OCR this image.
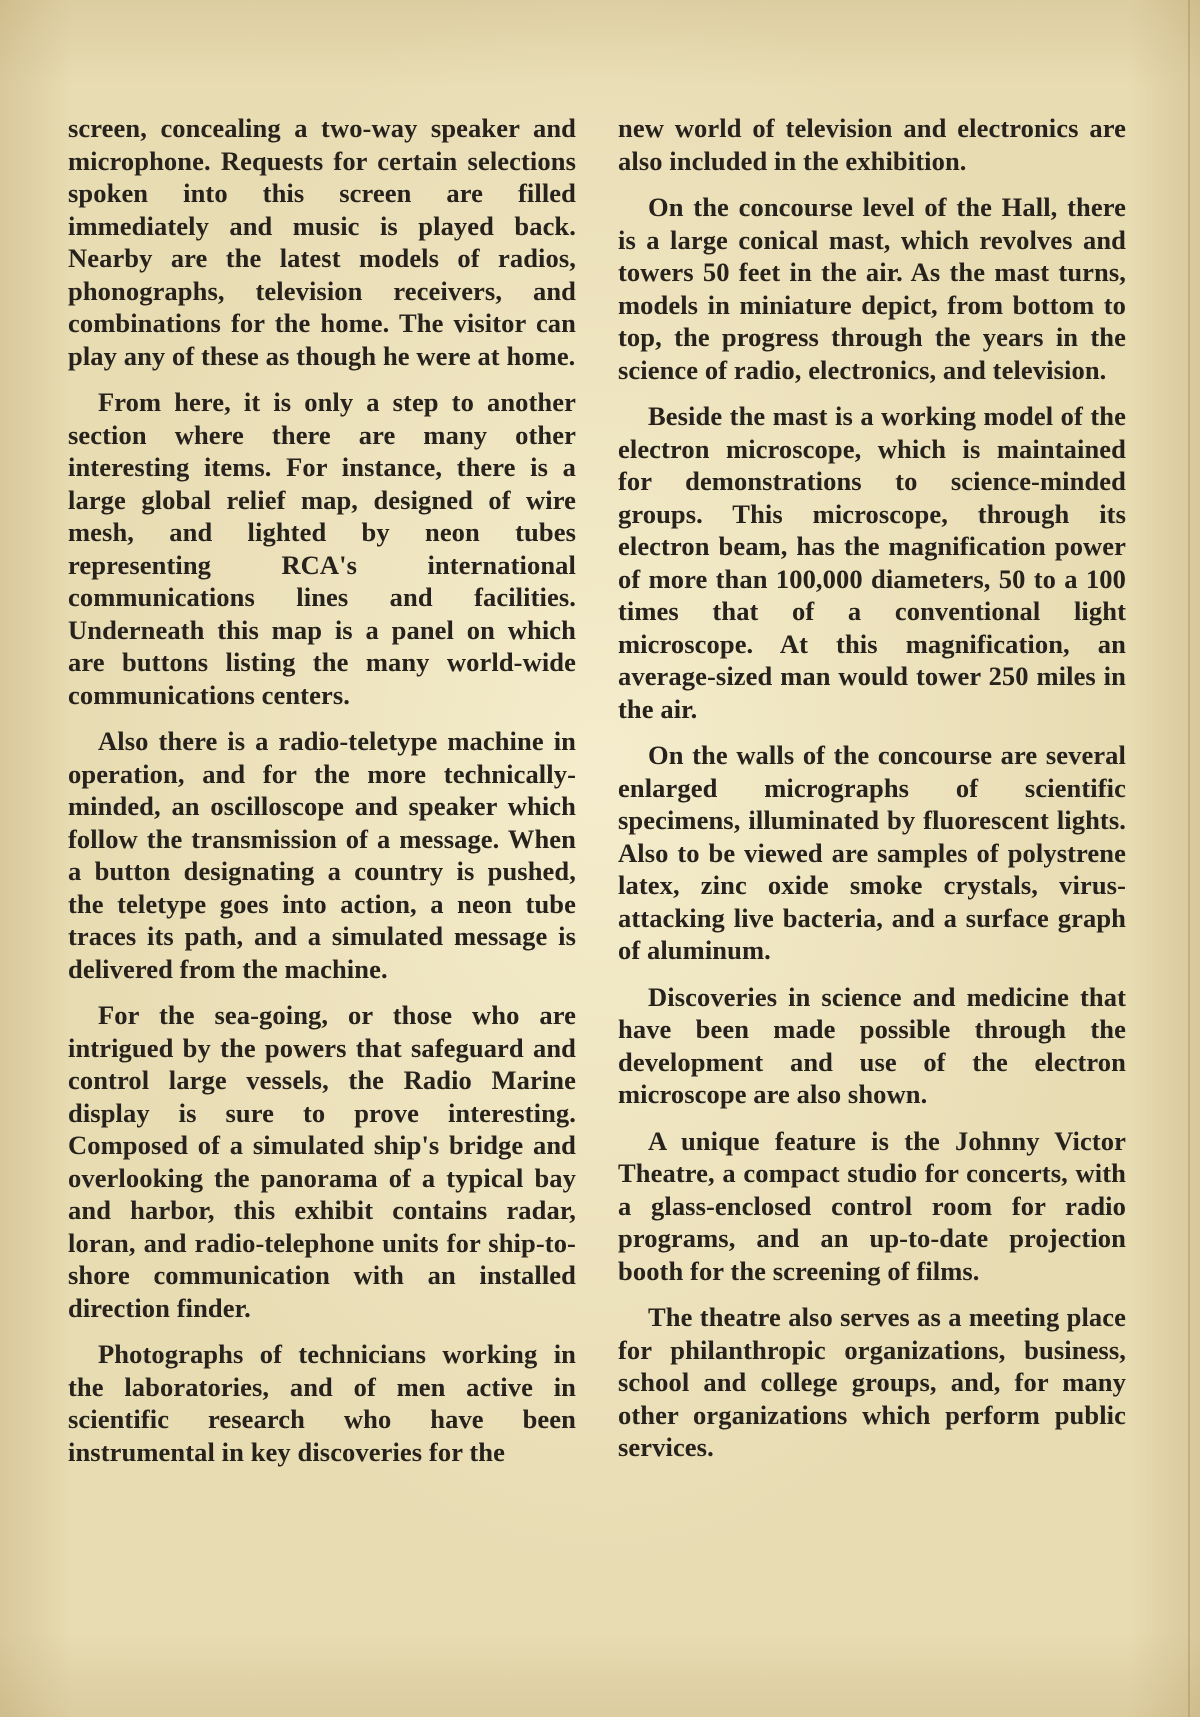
screen, concealing a two-way speaker and microphone. Requests for certain selections spoken into this screen are filled immediately and music is played back. Nearby are the latest models of radios, phonographs, television receivers, and combinations for the home. The visitor can play any of these as though he were at home.

From here, it is only a step to another section where there are many other interesting items. For instance, there is a large global relief map, designed of wire mesh, and lighted by neon tubes representing RCA's international communications lines and facilities. Underneath this map is a panel on which are buttons listing the many world-wide communications centers.

Also there is a radio-teletype machine in operation, and for the more technically-minded, an oscilloscope and speaker which follow the transmission of a message. When a button designating a country is pushed, the teletype goes into action, a neon tube traces its path, and a simulated message is delivered from the machine.

For the sea-going, or those who are intrigued by the powers that safeguard and control large vessels, the Radio Marine display is sure to prove interesting. Composed of a simulated ship's bridge and overlooking the panorama of a typical bay and harbor, this exhibit contains radar, loran, and radio-telephone units for ship-to-shore communication with an installed direction finder.

Photographs of technicians working in the laboratories, and of men active in scientific research who have been instrumental in key discoveries for the

new world of television and electronics are also included in the exhibition.

On the concourse level of the Hall, there is a large conical mast, which revolves and towers 50 feet in the air. As the mast turns, models in miniature depict, from bottom to top, the progress through the years in the science of radio, electronics, and television.

Beside the mast is a working model of the electron microscope, which is maintained for demonstrations to science-minded groups. This microscope, through its electron beam, has the magnification power of more than 100,000 diameters, 50 to a 100 times that of a conventional light microscope. At this magnification, an average-sized man would tower 250 miles in the air.

On the walls of the concourse are several enlarged micrographs of scientific specimens, illuminated by fluorescent lights. Also to be viewed are samples of polystrene latex, zinc oxide smoke crystals, virus-attacking live bacteria, and a surface graph of aluminum.

Discoveries in science and medicine that have been made possible through the development and use of the electron microscope are also shown.

A unique feature is the Johnny Victor Theatre, a compact studio for concerts, with a glass-enclosed control room for radio programs, and an up-to-date projection booth for the screening of films.

The theatre also serves as a meeting place for philanthropic organizations, business, school and college groups, and, for many other organizations which perform public services.
